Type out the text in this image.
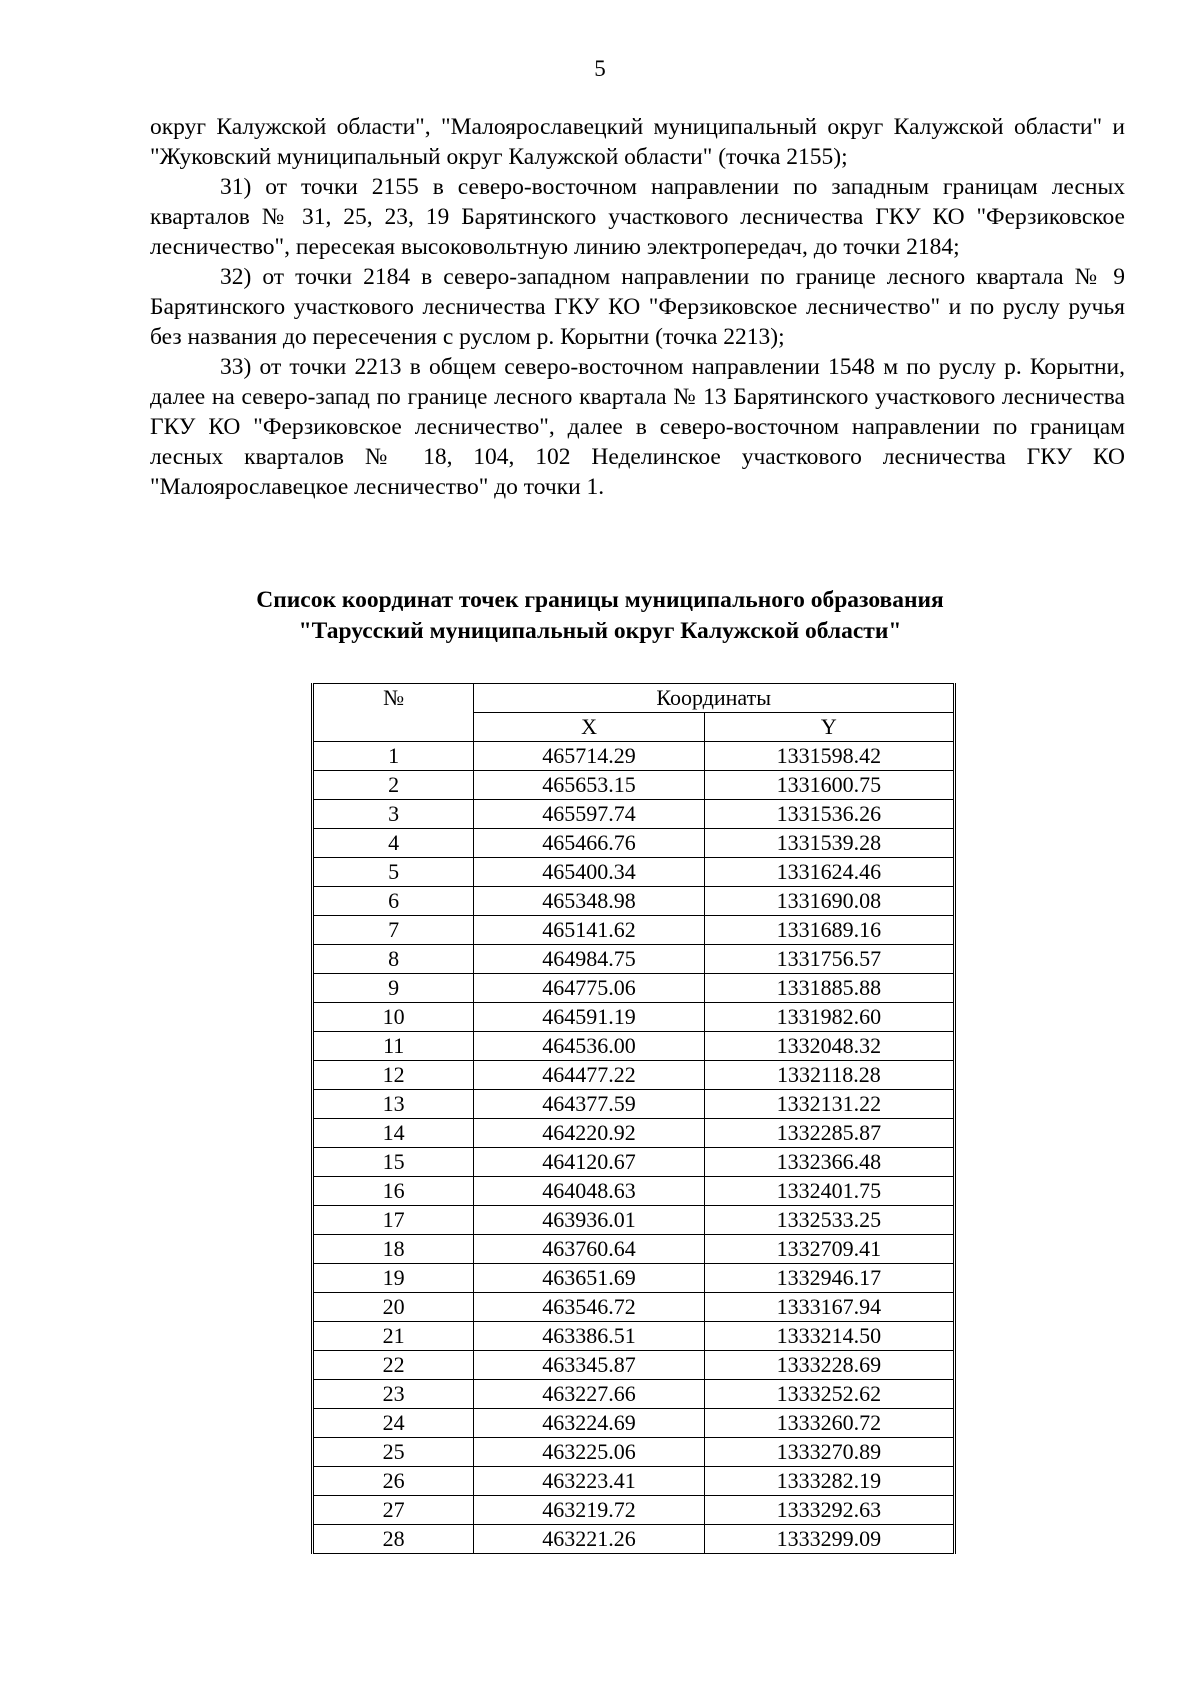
5

округ Калужской области", "Малоярославецкий муниципальный округ Калужской области" и "Жуковский муниципальный округ Калужской области" (точка 2155);

31) от точки 2155 в северо-восточном направлении по западным границам лесных кварталов № 31, 25, 23, 19 Барятинского участкового лесничества ГКУ КО "Ферзиковское лесничество", пересекая высоковольтную линию электропередач, до точки 2184;

32) от точки 2184 в северо-западном направлении по границе лесного квартала № 9 Барятинского участкового лесничества ГКУ КО "Ферзиковское лесничество" и по руслу ручья без названия до пересечения с руслом р. Корытни (точка 2213);

33) от точки 2213 в общем северо-восточном направлении 1548 м по руслу р. Корытни, далее на северо-запад по границе лесного квартала № 13 Барятинского участкового лесничества ГКУ КО "Ферзиковское лесничество", далее в северо-восточном направлении по границам лесных кварталов № 18, 104, 102 Неделинское участкового лесничества ГКУ КО "Малоярославецкое лесничество" до точки 1.

Список координат точек границы муниципального образования
"Тарусский муниципальный округ Калужской области"
№	Координаты	
	X	Y
1	465714.29	1331598.42
2	465653.15	1331600.75
3	465597.74	1331536.26
4	465466.76	1331539.28
5	465400.34	1331624.46
6	465348.98	1331690.08
7	465141.62	1331689.16
8	464984.75	1331756.57
9	464775.06	1331885.88
10	464591.19	1331982.60
11	464536.00	1332048.32
12	464477.22	1332118.28
13	464377.59	1332131.22
14	464220.92	1332285.87
15	464120.67	1332366.48
16	464048.63	1332401.75
17	463936.01	1332533.25
18	463760.64	1332709.41
19	463651.69	1332946.17
20	463546.72	1333167.94
21	463386.51	1333214.50
22	463345.87	1333228.69
23	463227.66	1333252.62
24	463224.69	1333260.72
25	463225.06	1333270.89
26	463223.41	1333282.19
27	463219.72	1333292.63
28	463221.26	1333299.09
